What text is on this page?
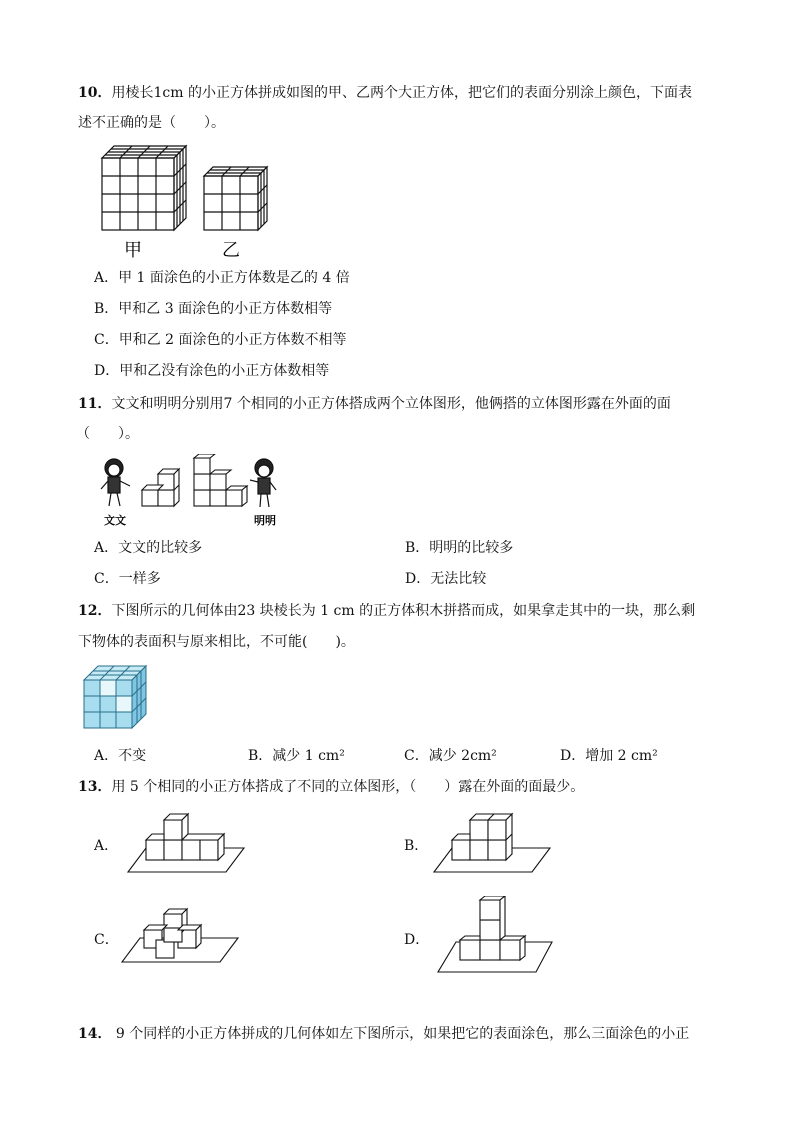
10．用棱长1cm 的小正方体拼成如图的甲、乙两个大正方体，把它们的表面分别涂上颜色，下面表
述不正确的是（　　）。
甲	乙
A．甲 1 面涂色的小正方体数是乙的 4 倍
B．甲和乙 3 面涂色的小正方体数相等
C．甲和乙 2 面涂色的小正方体数不相等
D．甲和乙没有涂色的小正方体数相等
11．文文和明明分别用7 个相同的小正方体搭成两个立体图形，他俩搭的立体图形露在外面的面
（　　）。
文文	明明
A．文文的比较多	B．明明的比较多
C．一样多	D．无法比较
12．下图所示的几何体由23 块棱长为 1 cm 的正方体积木拼搭而成，如果拿走其中的一块，那么剩
下物体的表面积与原来相比，不可能(　　)。
A．不变	B．减少 1 cm²	C．减少 2cm²	D．增加 2 cm²
13．用 5 个相同的小正方体搭成了不同的立体图形，（　　）露在外面的面最少。
A．	B．
C．	D．
14． 9 个同样的小正方体拼成的几何体如左下图所示，如果把它的表面涂色，那么三面涂色的小正
